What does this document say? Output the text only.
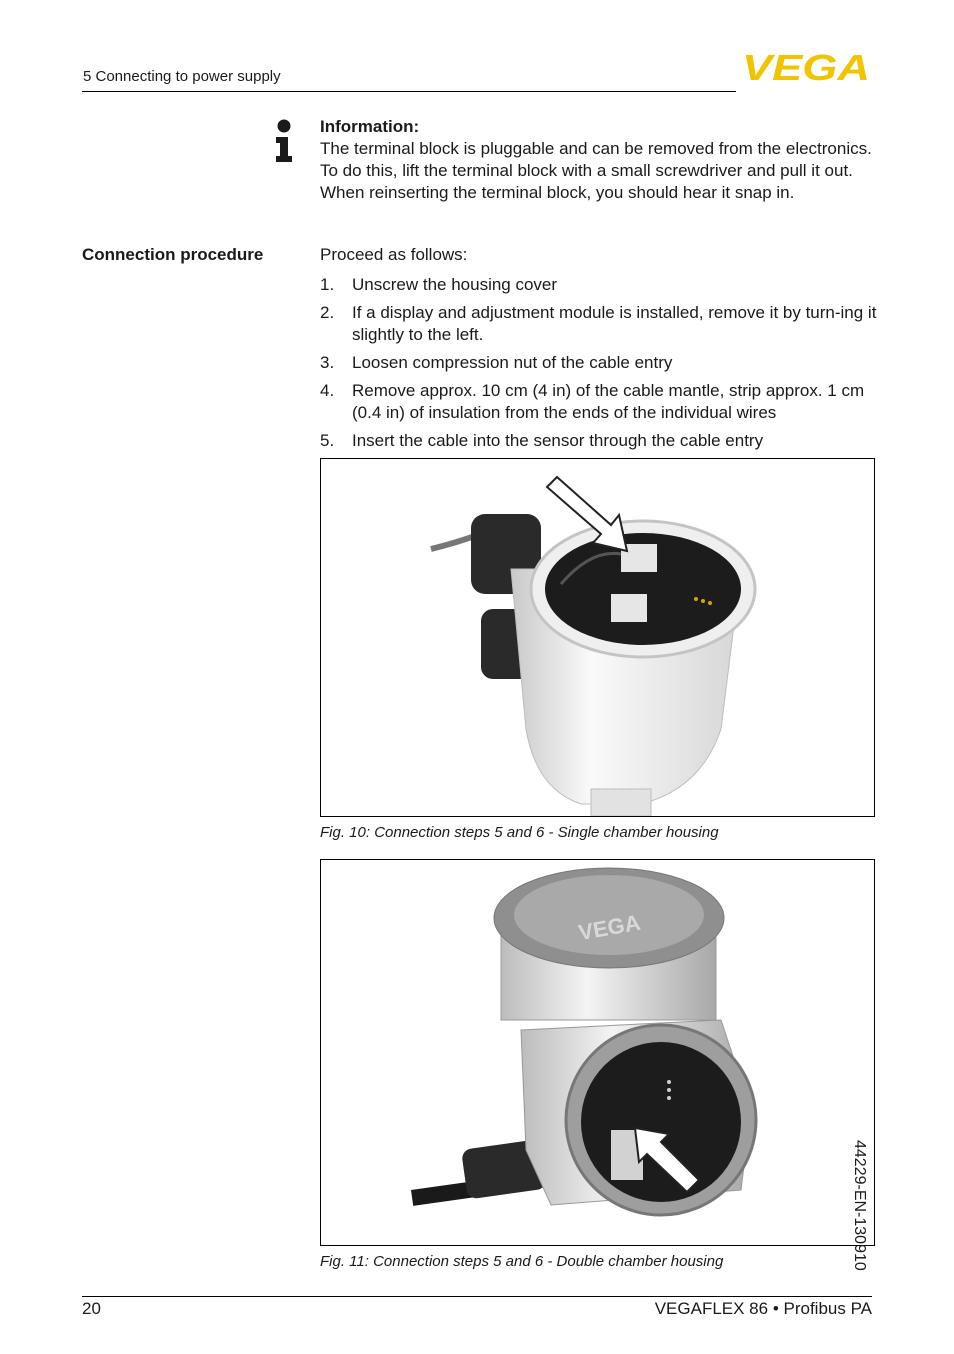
5 Connecting to power supply	VEGA
Information:
The terminal block is pluggable and can be removed from the electronics. To do this, lift the terminal block with a small screwdriver and pull it out. When reinserting the terminal block, you should hear it snap in.
Connection procedure	Proceed as follows:
1. Unscrew the housing cover
2. If a display and adjustment module is installed, remove it by turn-ing it slightly to the left.
3. Loosen compression nut of the cable entry
4. Remove approx. 10 cm (4 in) of the cable mantle, strip approx. 1 cm (0.4 in) of insulation from the ends of the individual wires
5. Insert the cable into the sensor through the cable entry
Fig. 10: Connection steps 5 and 6 - Single chamber housing
VEGA
Fig. 11: Connection steps 5 and 6 - Double chamber housing	44229-EN-130910
20	VEGAFLEX 86 • Profibus PA
